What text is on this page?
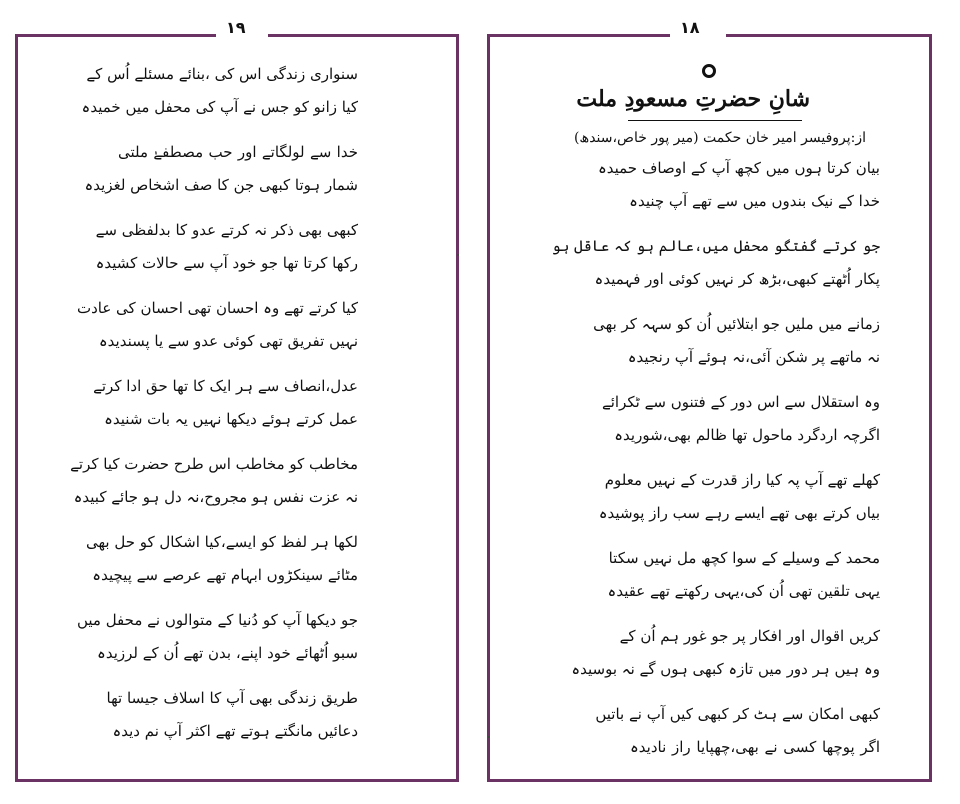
۱۹
سنواری زندگی اس کی ،بنائے مسئلے اُس کے
کیا زانو کو جس نے آپ کی محفل میں خمیدہ
خدا سے لولگاتے اور حب مصطفےٰ ملتی
شمار ہوتا کبھی جن کا صف اشخاص لغزیدہ
کبھی بھی ذکر نہ کرتے عدو کا بدلفظی سے
رکھا کرتا تھا جو خود آپ سے حالات کشیدہ
کیا کرتے تھے وہ احسان تھی احسان کی عادت
نہیں تفریق تھی کوئی عدو سے یا پسندیدہ
عدل،انصاف سے ہر ایک کا تھا حق ادا کرتے
عمل کرتے ہوئے دیکھا نہیں یہ بات شنیدہ
مخاطب کو مخاطب اس طرح حضرت کیا کرتے
نہ عزت نفس ہو مجروح،نہ دل ہو جائے کبیدہ
لکھا ہر لفظ کو ایسے،کیا اشکال کو حل بھی
مٹائے سینکڑوں ابہام تھے عرصے سے پیچیدہ
جو دیکھا آپ کو دُنیا کے متوالوں نے محفل میں
سبو اُٹھائے خود اپنے، بدن تھے اُن کے لرزیدہ
طریق زندگی بھی آپ کا اسلاف جیسا تھا
دعائیں مانگتے ہوتے تھے اکثر آپ نم دیدہ
۱۸
شانِ حضرتِ مسعودِ ملت
از:پروفیسر امیر خان حکمت (میر پور خاص،سندھ)
بیان کرتا ہوں میں کچھ آپ کے اوصاف حمیدہ
خدا کے نیک بندوں میں سے تھے آپ چنیدہ
جو کرتے گفتگو محفل میں،عالم ہو کہ عاقل ہو
پکار اُٹھتے کبھی،بڑھ کر نہیں کوئی اور فہمیدہ
زمانے میں ملیں جو ابتلائیں اُن کو سہہ کر بھی
نہ ماتھے پر شکن آئی،نہ ہوئے آپ رنجیدہ
وہ استقلال سے اس دور کے فتنوں سے ٹکرائے
اگرچہ اردگرد ماحول تھا ظالم بھی،شوریدہ
کھلے تھے آپ پہ کیا راز قدرت کے نہیں معلوم
بیاں کرتے بھی تھے ایسے رہے سب راز پوشیدہ
محمد کے وسیلے کے سوا کچھ مل نہیں سکتا
یہی تلقین تھی اُن کی،یہی رکھتے تھے عقیدہ
کریں اقوال اور افکار پر جو غور ہم اُن کے
وہ ہیں ہر دور میں تازہ کبھی ہوں گے نہ بوسیدہ
کبھی امکان سے ہٹ کر کبھی کیں آپ نے باتیں
اگر پوچھا کسی نے بھی،چھپایا راز نادیدہ
